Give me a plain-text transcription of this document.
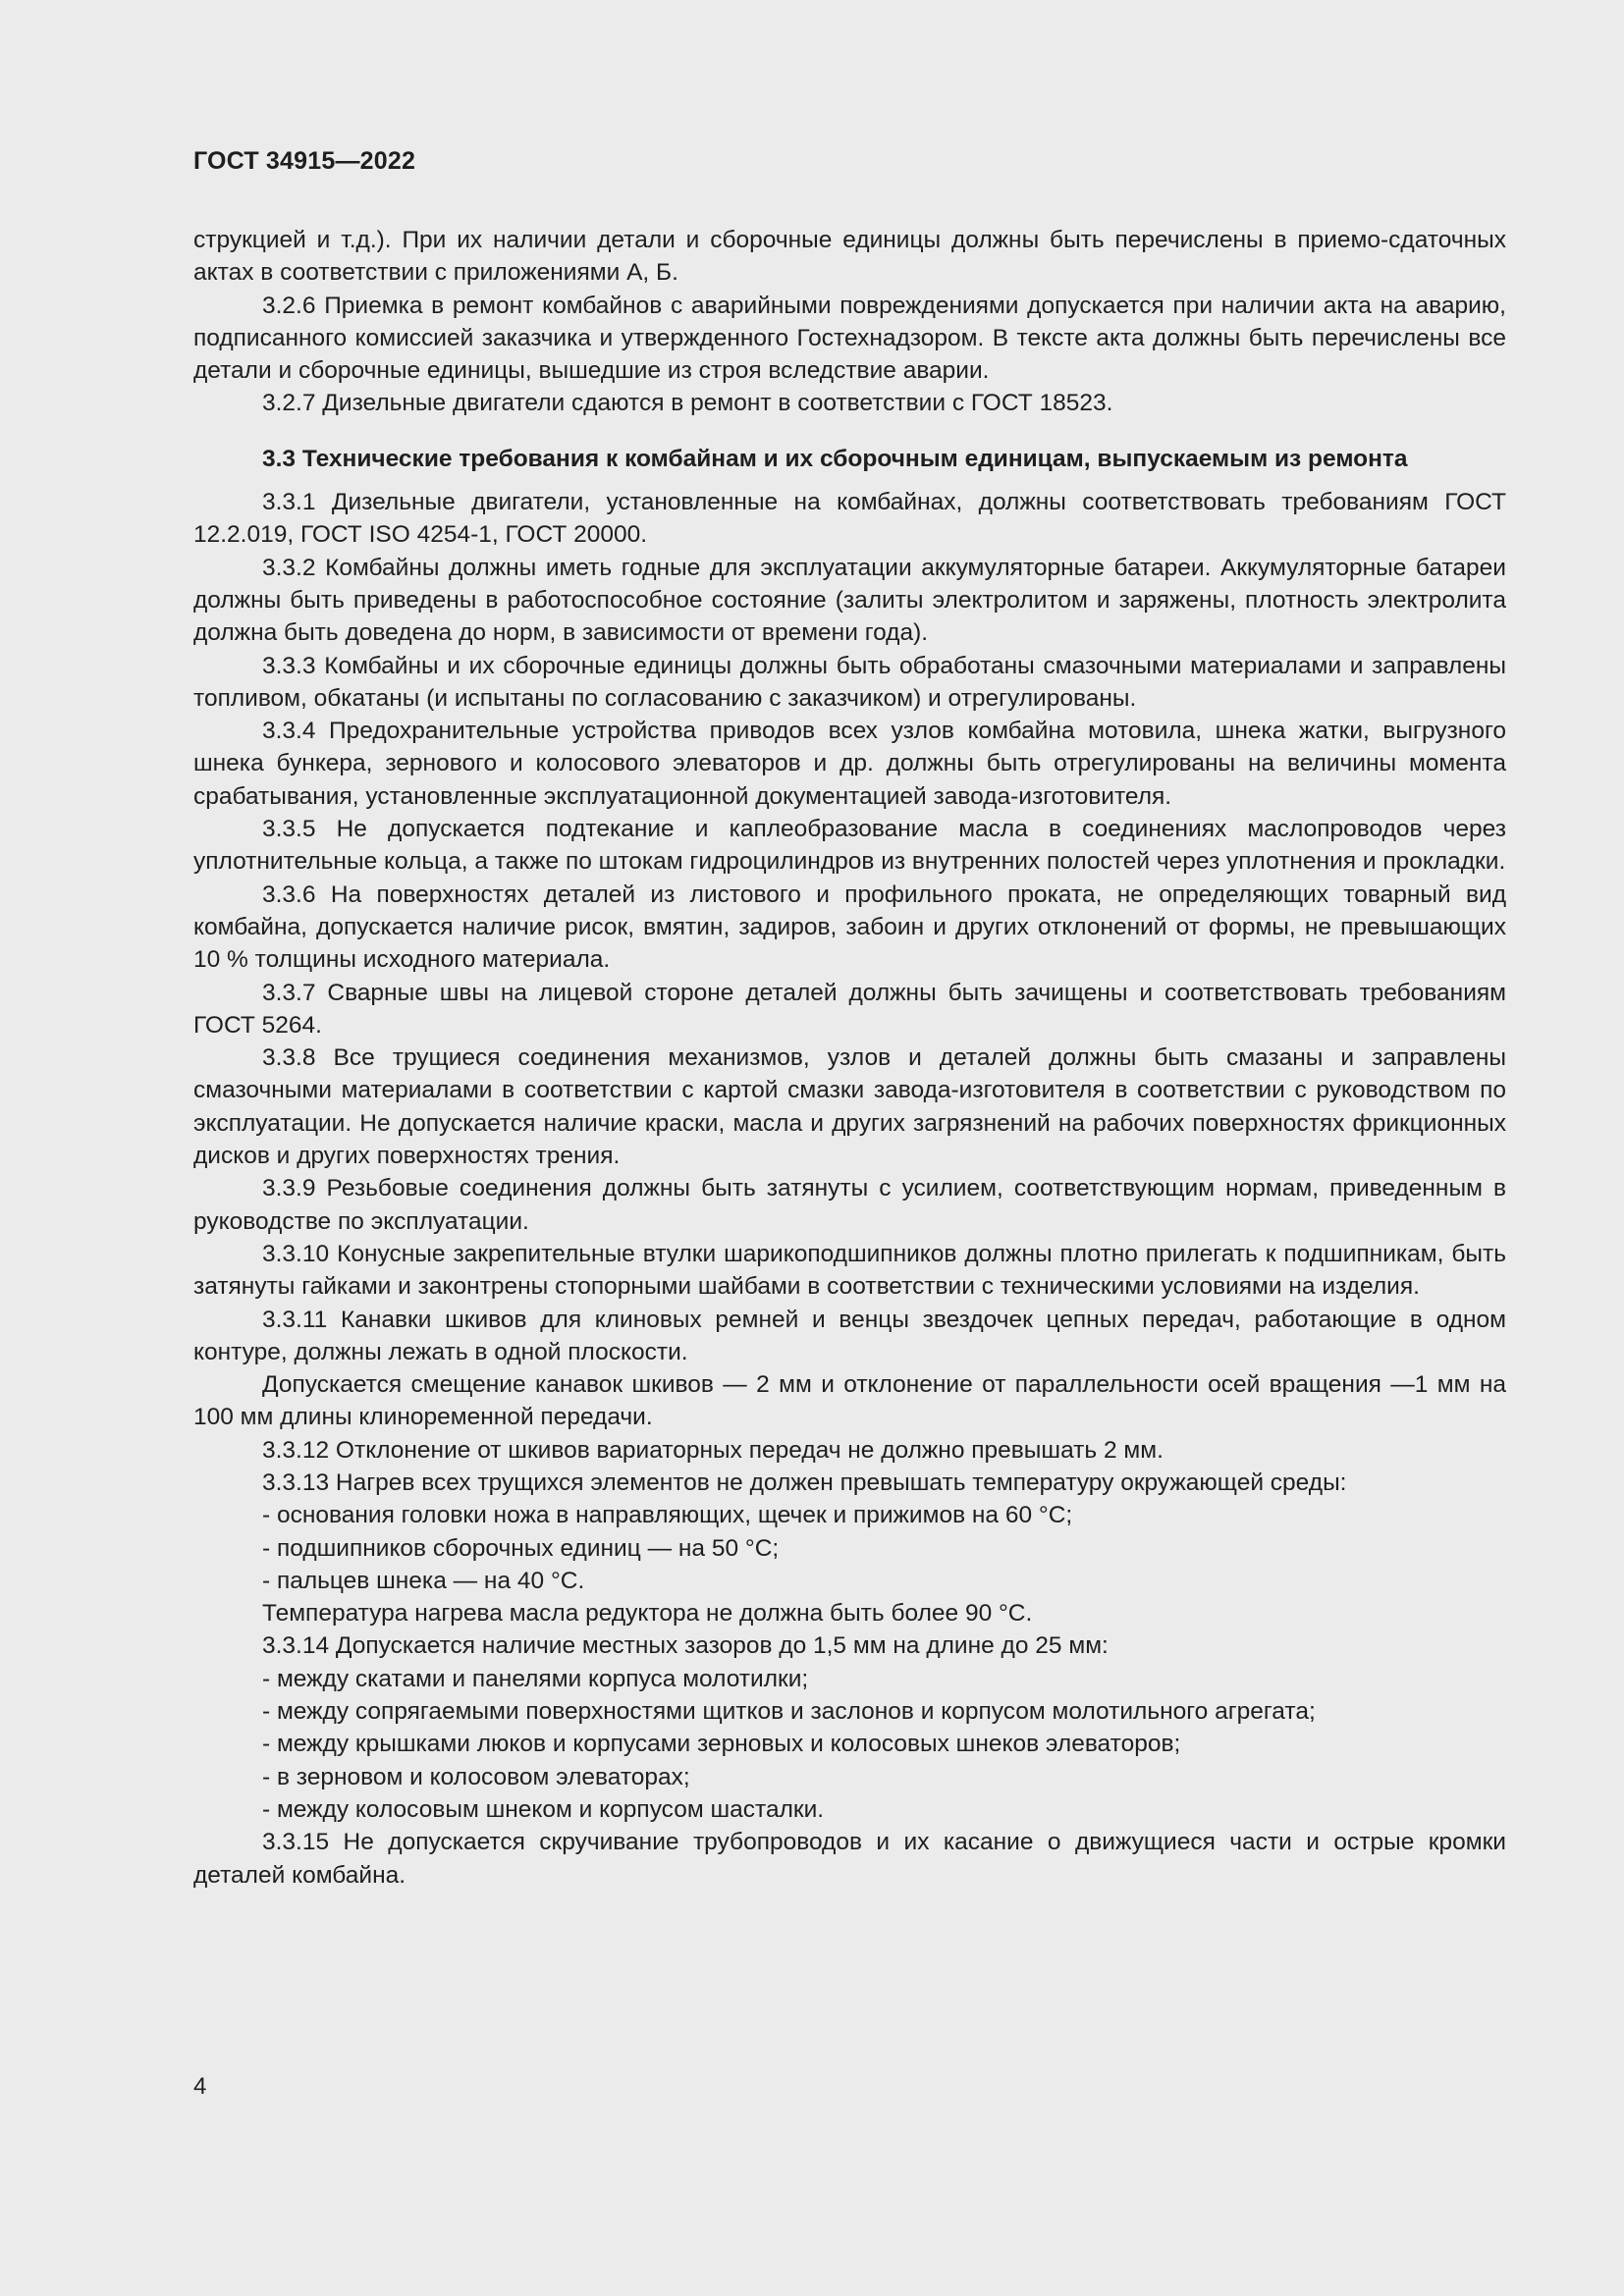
ГОСТ 34915—2022

струкцией и т.д.). При их наличии детали и сборочные единицы должны быть перечислены в приемо-сдаточных актах в соответствии с приложениями А, Б.

3.2.6 Приемка в ремонт комбайнов с аварийными повреждениями допускается при наличии акта на аварию, подписанного комиссией заказчика и утвержденного Гостехнадзором. В тексте акта должны быть перечислены все детали и сборочные единицы, вышедшие из строя вследствие аварии.

3.2.7 Дизельные двигатели сдаются в ремонт в соответствии с ГОСТ 18523.

3.3 Технические требования к комбайнам и их сборочным единицам, выпускаемым из ремонта

3.3.1 Дизельные двигатели, установленные на комбайнах, должны соответствовать требованиям ГОСТ 12.2.019, ГОСТ ISO 4254-1, ГОСТ 20000.

3.3.2 Комбайны должны иметь годные для эксплуатации аккумуляторные батареи. Аккумуляторные батареи должны быть приведены в работоспособное состояние (залиты электролитом и заряжены, плотность электролита должна быть доведена до норм, в зависимости от времени года).

3.3.3 Комбайны и их сборочные единицы должны быть обработаны смазочными материалами и заправлены топливом, обкатаны (и испытаны по согласованию с заказчиком) и отрегулированы.

3.3.4 Предохранительные устройства приводов всех узлов комбайна мотовила, шнека жатки, выгрузного шнека бункера, зернового и колосового элеваторов и др. должны быть отрегулированы на величины момента срабатывания, установленные эксплуатационной документацией завода-изготовителя.

3.3.5 Не допускается подтекание и каплеобразование масла в соединениях маслопроводов через уплотнительные кольца, а также по штокам гидроцилиндров из внутренних полостей через уплотнения и прокладки.

3.3.6 На поверхностях деталей из листового и профильного проката, не определяющих товарный вид комбайна, допускается наличие рисок, вмятин, задиров, забоин и других отклонений от формы, не превышающих 10 % толщины исходного материала.

3.3.7 Сварные швы на лицевой стороне деталей должны быть зачищены и соответствовать требованиям ГОСТ 5264.

3.3.8 Все трущиеся соединения механизмов, узлов и деталей должны быть смазаны и заправлены смазочными материалами в соответствии с картой смазки завода-изготовителя в соответствии с руководством по эксплуатации. Не допускается наличие краски, масла и других загрязнений на рабочих поверхностях фрикционных дисков и других поверхностях трения.

3.3.9 Резьбовые соединения должны быть затянуты с усилием, соответствующим нормам, приведенным в руководстве по эксплуатации.

3.3.10 Конусные закрепительные втулки шарикоподшипников должны плотно прилегать к подшипникам, быть затянуты гайками и законтрены стопорными шайбами в соответствии с техническими условиями на изделия.

3.3.11 Канавки шкивов для клиновых ремней и венцы звездочек цепных передач, работающие в одном контуре, должны лежать в одной плоскости.

Допускается смещение канавок шкивов — 2 мм и отклонение от параллельности осей вращения —1 мм на 100 мм длины клиноременной передачи.

3.3.12 Отклонение от шкивов вариаторных передач не должно превышать 2 мм.

3.3.13 Нагрев всех трущихся элементов не должен превышать температуру окружающей среды:

- основания головки ножа в направляющих, щечек и прижимов на 60 °С;

- подшипников сборочных единиц — на 50 °С;

- пальцев шнека — на 40 °С.

Температура нагрева масла редуктора не должна быть более 90 °С.

3.3.14 Допускается наличие местных зазоров до 1,5 мм на длине до 25 мм:

- между скатами и панелями корпуса молотилки;

- между сопрягаемыми поверхностями щитков и заслонов и корпусом молотильного агрегата;

- между крышками люков и корпусами зерновых и колосовых шнеков элеваторов;

- в зерновом и колосовом элеваторах;

- между колосовым шнеком и корпусом шасталки.

3.3.15 Не допускается скручивание трубопроводов и их касание о движущиеся части и острые кромки деталей комбайна.

4
